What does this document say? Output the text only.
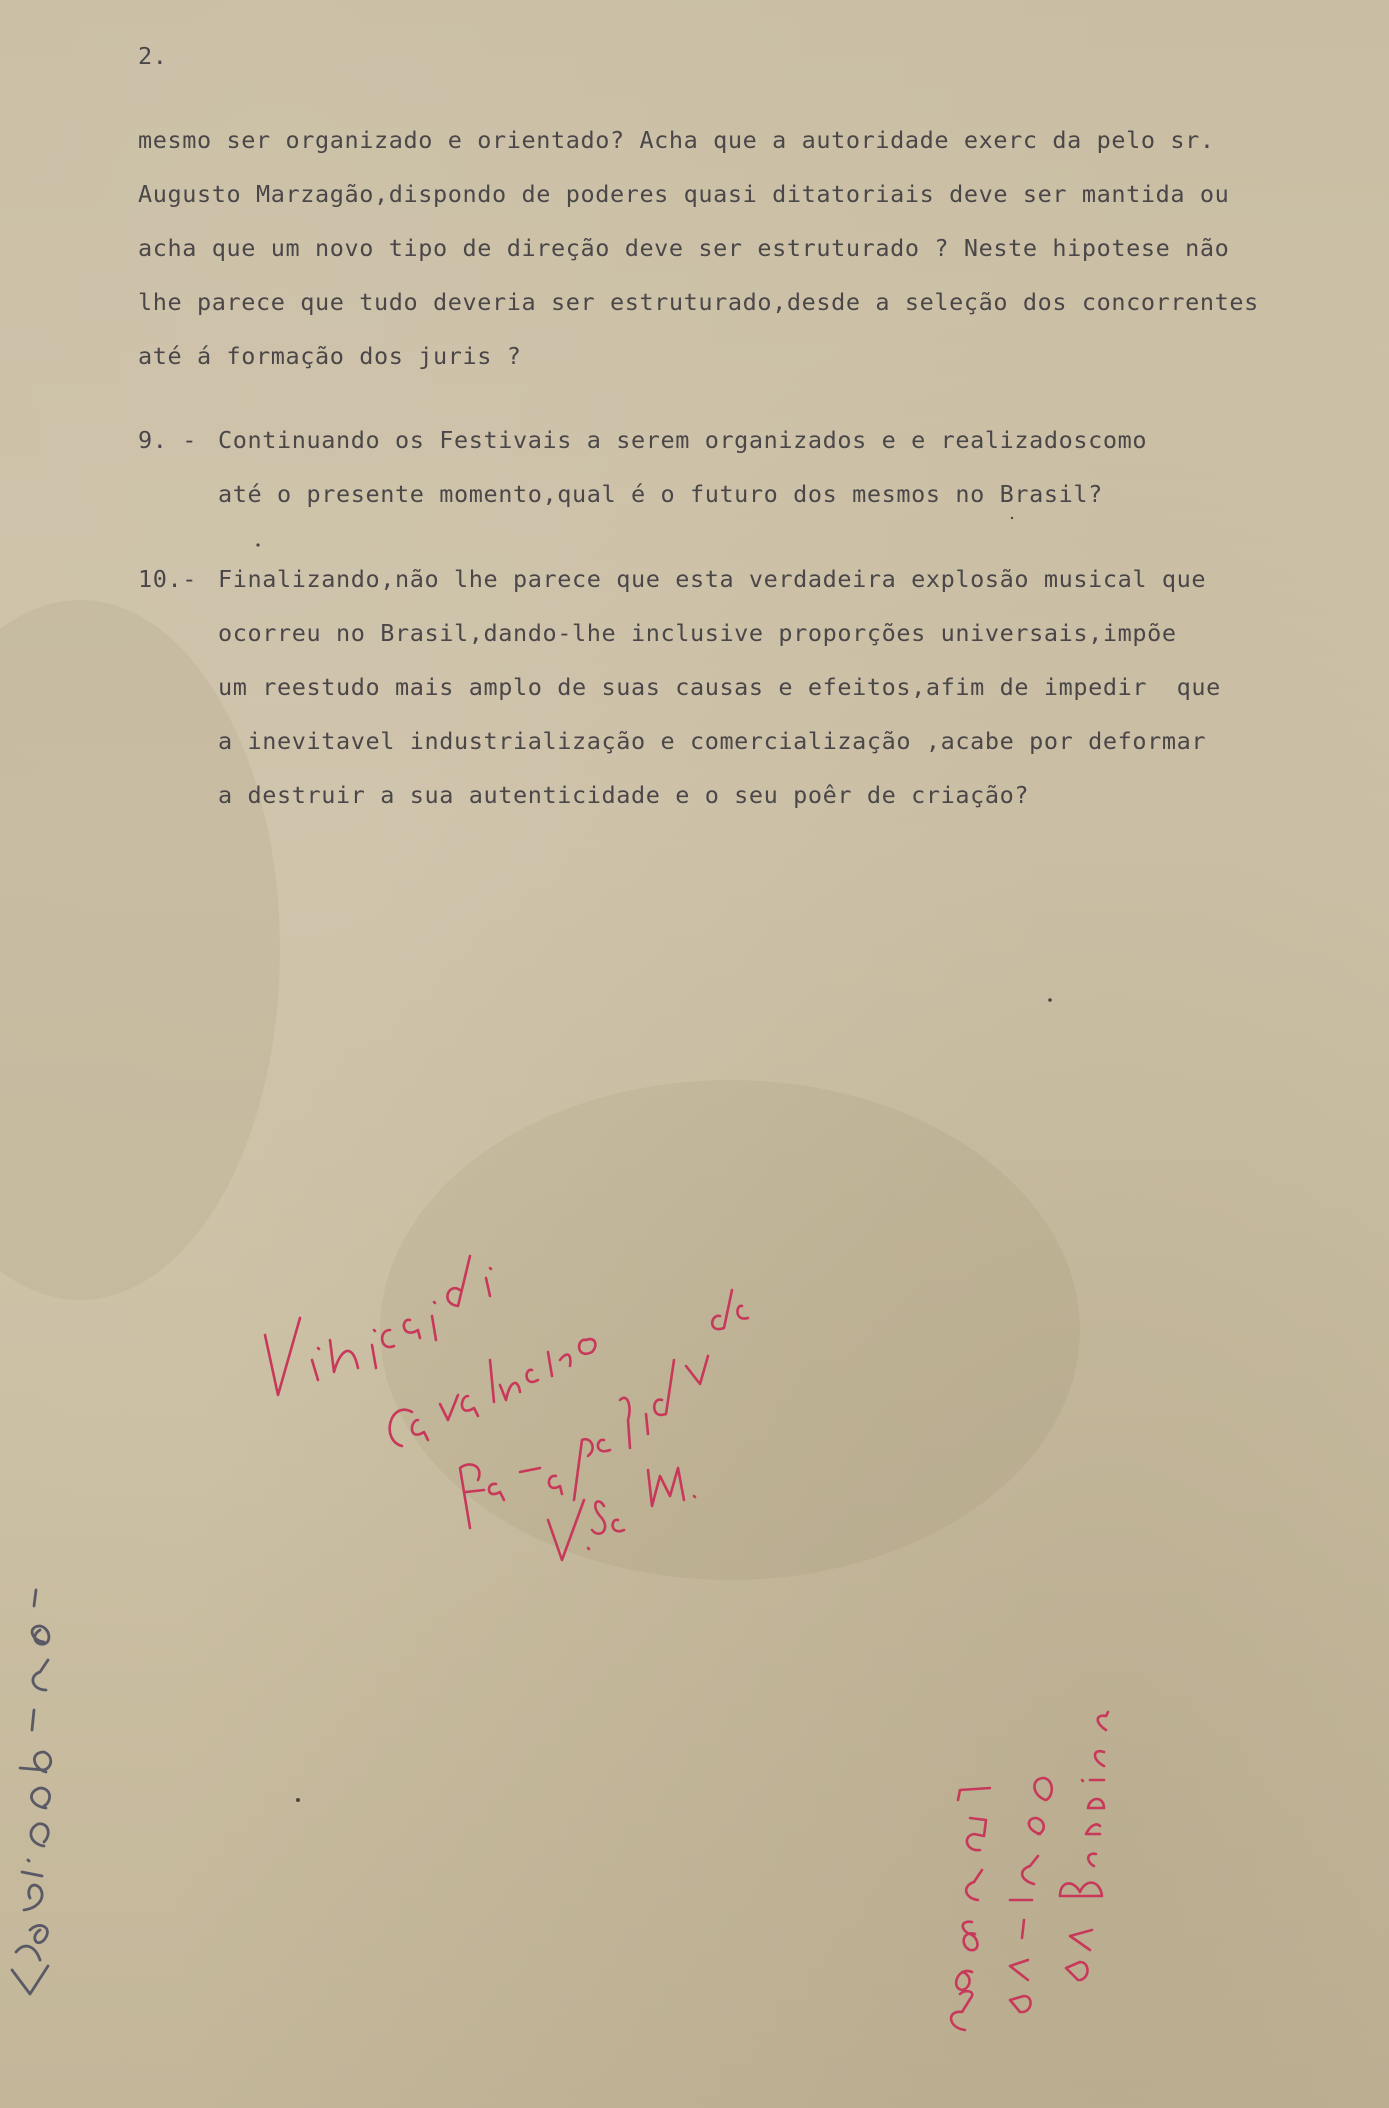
2.

mesmo ser organizado e orientado? Acha que a autoridade exerc da pelo sr.

Augusto Marzagão,dispondo de poderes quasi ditatoriais deve ser mantida ou

acha que um novo tipo de direção deve ser estruturado ? Neste hipotese não

lhe parece que tudo deveria ser estruturado,desde a seleção dos concorrentes

até á formação dos juris ?

9. -

Continuando os Festivais a serem organizados e e realizadoscomo

até o presente momento,qual é o futuro dos mesmos no Brasil?

10.-

Finalizando,não lhe parece que esta verdadeira explosão musical que

ocorreu no Brasil,dando-lhe inclusive proporções universais,impõe

um reestudo mais amplo de suas causas e efeitos,afim de impedir  que

a inevitavel industrialização e comercialização ,acabe por deformar

a destruir a sua autenticidade e o seu poêr de criação?
